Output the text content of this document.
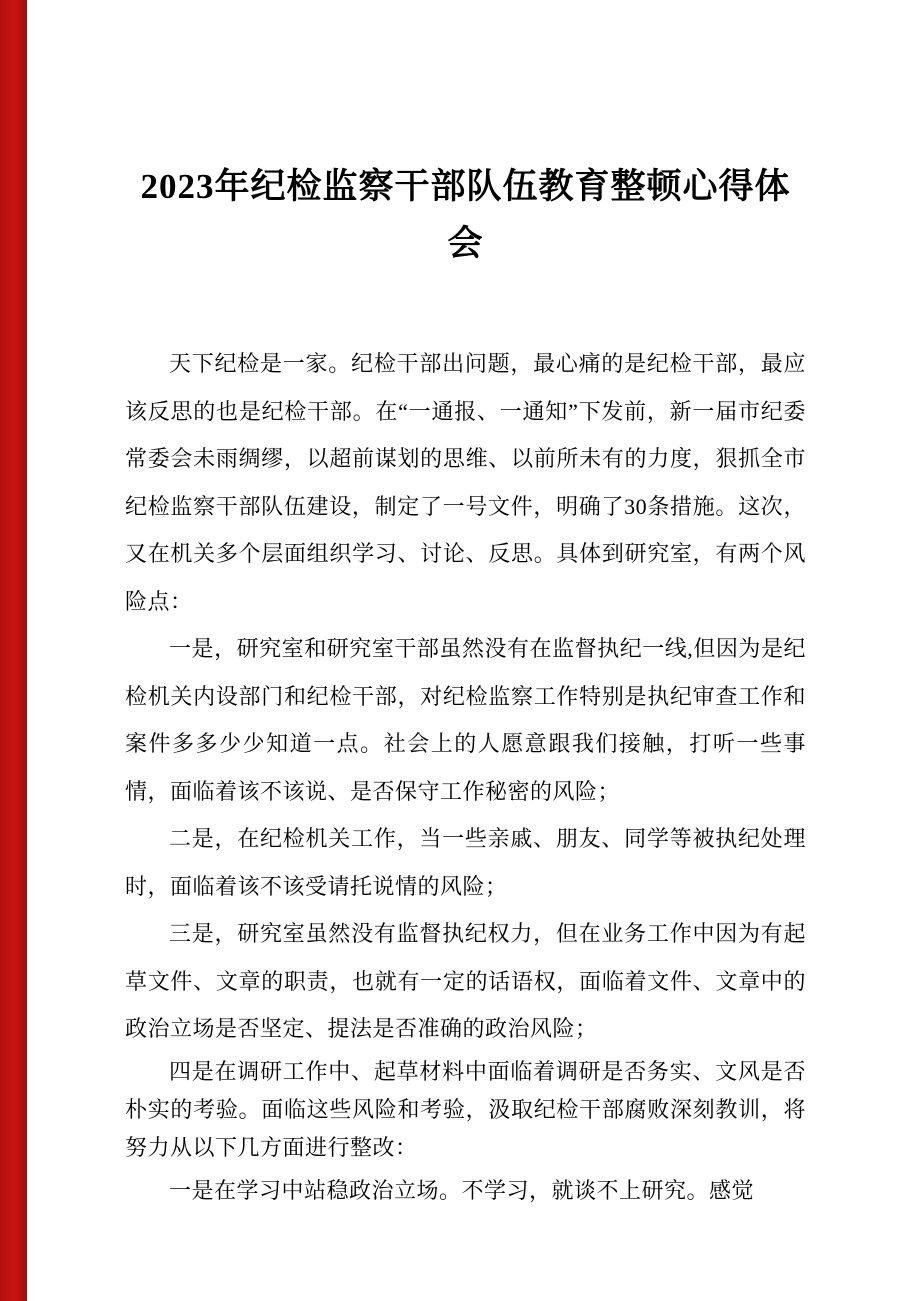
2023年纪检监察干部队伍教育整顿心得体会

天下纪检是一家。纪检干部出问题，最心痛的是纪检干部，最应该反思的也是纪检干部。在“一通报、一通知”下发前，新一届市纪委常委会未雨绸缪，以超前谋划的思维、以前所未有的力度，狠抓全市纪检监察干部队伍建设，制定了一号文件，明确了30条措施。这次，又在机关多个层面组织学习、讨论、反思。具体到研究室，有两个风险点：

一是，研究室和研究室干部虽然没有在监督执纪一线,但因为是纪检机关内设部门和纪检干部，对纪检监察工作特别是执纪审查工作和案件多多少少知道一点。社会上的人愿意跟我们接触，打听一些事情，面临着该不该说、是否保守工作秘密的风险；

二是，在纪检机关工作，当一些亲戚、朋友、同学等被执纪处理时，面临着该不该受请托说情的风险；

三是，研究室虽然没有监督执纪权力，但在业务工作中因为有起草文件、文章的职责，也就有一定的话语权，面临着文件、文章中的政治立场是否坚定、提法是否准确的政治风险；

四是在调研工作中、起草材料中面临着调研是否务实、文风是否朴实的考验。面临这些风险和考验，汲取纪检干部腐败深刻教训，将努力从以下几方面进行整改：

一是在学习中站稳政治立场。不学习，就谈不上研究。感觉
